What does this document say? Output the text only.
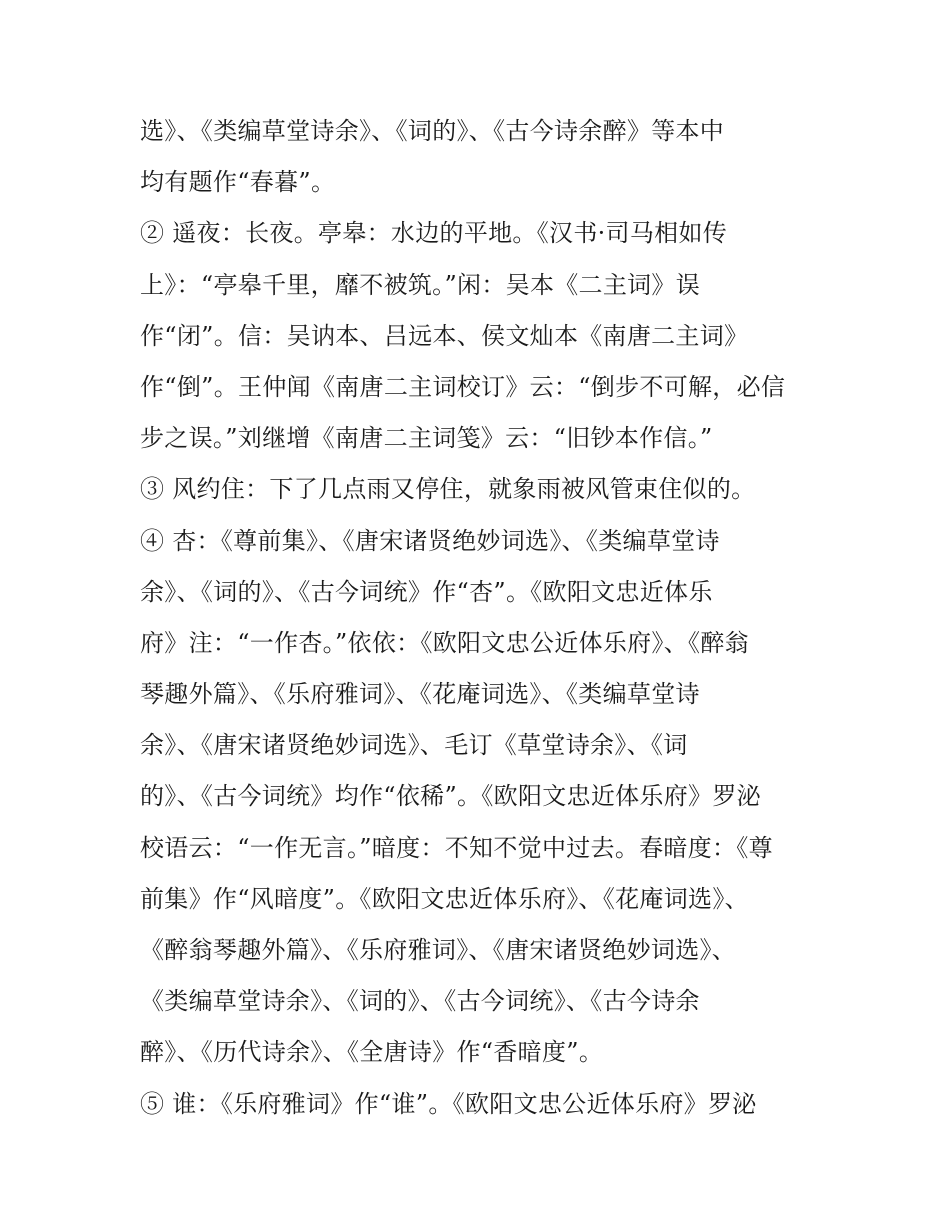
选》、《类编草堂诗余》、《词的》、《古今诗余醉》等本中
均有题作“春暮”。
② 遥夜：长夜。亭皋：水边的平地。《汉书·司马相如传
上》：“亭皋千里，靡不被筑。”闲：吴本《二主词》误
作“闭”。信：吴讷本、吕远本、侯文灿本《南唐二主词》
作“倒”。王仲闻《南唐二主词校订》云：“倒步不可解，必信
步之误。”刘继增《南唐二主词笺》云：“旧钞本作信。”
③ 风约住：下了几点雨又停住，就象雨被风管束住似的。
④ 杏：《尊前集》、《唐宋诸贤绝妙词选》、《类编草堂诗
余》、《词的》、《古今词统》作“杏”。《欧阳文忠近体乐
府》注：“一作杏。”依依：《欧阳文忠公近体乐府》、《醉翁
琴趣外篇》、《乐府雅词》、《花庵词选》、《类编草堂诗
余》、《唐宋诸贤绝妙词选》、毛订《草堂诗余》、《词
的》、《古今词统》均作“依稀”。《欧阳文忠近体乐府》罗泌
校语云：“一作无言。”暗度：不知不觉中过去。春暗度：《尊
前集》作“风暗度”。《欧阳文忠近体乐府》、《花庵词选》、
《醉翁琴趣外篇》、《乐府雅词》、《唐宋诸贤绝妙词选》、
《类编草堂诗余》、《词的》、《古今词统》、《古今诗余
醉》、《历代诗余》、《全唐诗》作“香暗度”。
⑤ 谁：《乐府雅词》作“谁”。《欧阳文忠公近体乐府》罗泌
